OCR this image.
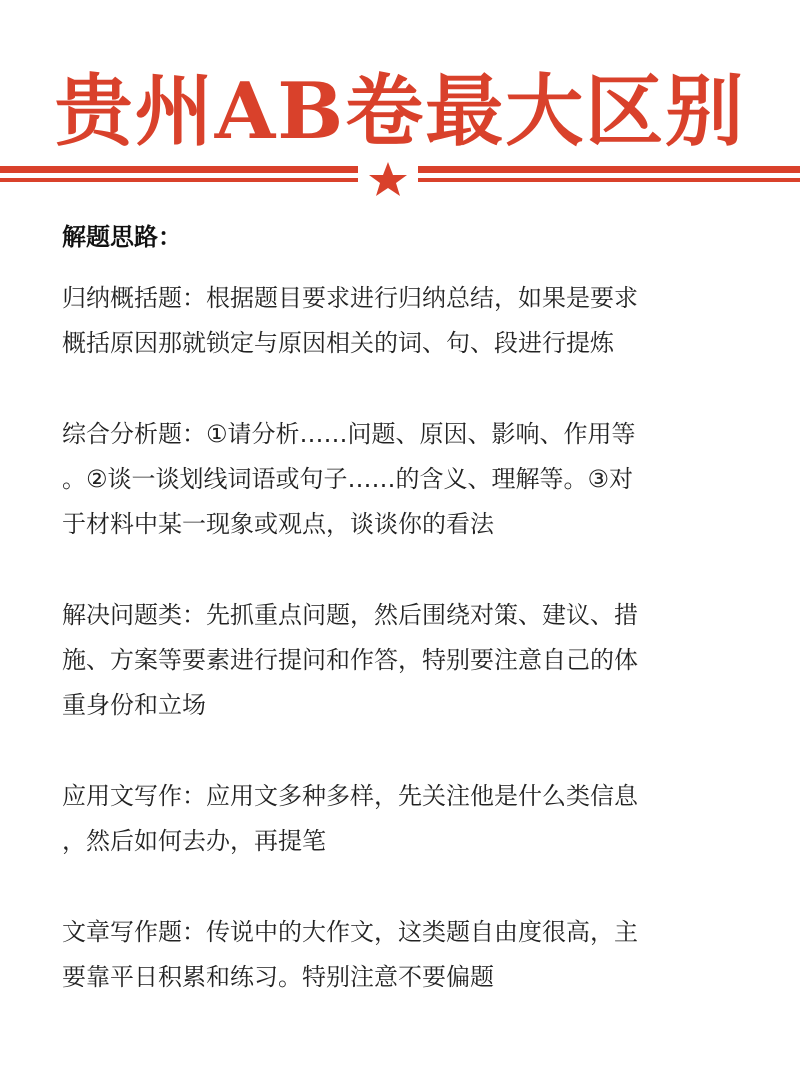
贵州AB卷最大区别

解题思路：

归纳概括题：根据题目要求进行归纳总结，如果是要求

概括原因那就锁定与原因相关的词、句、段进行提炼

综合分析题：①请分析……问题、原因、影响、作用等

。②谈一谈划线词语或句子……的含义、理解等。③对

于材料中某一现象或观点，谈谈你的看法

解决问题类：先抓重点问题，然后围绕对策、建议、措

施、方案等要素进行提问和作答，特别要注意自己的体

重身份和立场

应用文写作：应用文多种多样，先关注他是什么类信息

，然后如何去办，再提笔

文章写作题：传说中的大作文，这类题自由度很高，主

要靠平日积累和练习。特别注意不要偏题
